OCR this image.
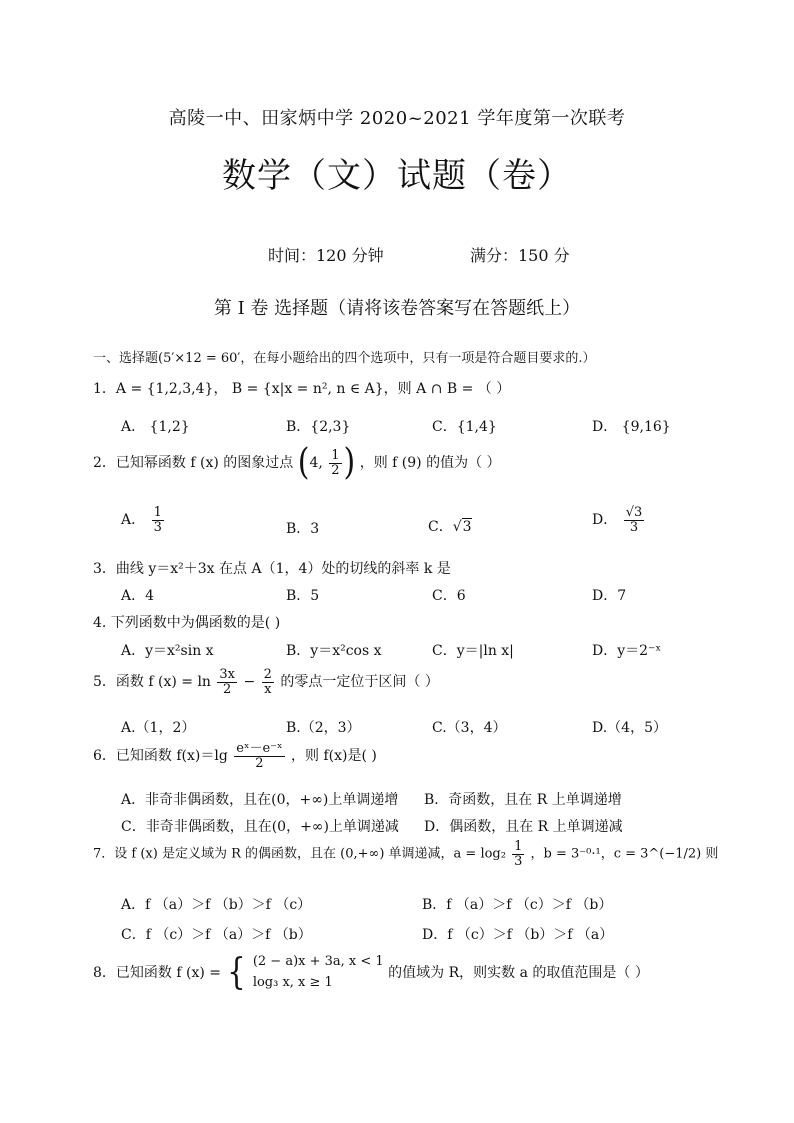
高陵一中、田家炳中学 2020~2021 学年度第一次联考
数学（文）试题（卷）
时间：120 分钟	满分：150 分
第 I 卷 选择题（请将该卷答案写在答题纸上）
一、选择题(5′×12 = 60′，在每小题给出的四个选项中，只有一项是符合题目要求的.）
1．A = {1,2,3,4}， B = {x|x = n², n ∈ A}，则 A ∩ B = （ ）
A． {1,2}	B．{2,3}	C．{1,4}	D． {9,16}
2．已知幂函数 f (x) 的图象过点 (4, $\frac{1}{2}$ ) ，则 f (9) 的值为（ ）
A． $\frac{1}{3}$	B．3	C．√3	D． $\frac{√3}{3}$
3．曲线 y＝x²＋3x 在点 A（1，4）处的切线的斜率 k 是
A．4	B．5	C．6	D．7
4. 下列函数中为偶函数的是( )
A．y＝x²sin x	B．y＝x²cos x	C．y＝|ln x|	D．y＝2⁻ˣ
5．函数 f $(x) = \ln \frac{3x}{2} - \frac{2}{x}$ 的零点一定位于区间（ ）
A.（1，2）	B.（2，3）	C.（3，4）	D.（4，5）
6．已知函数 $f(x)=\lg \frac{\text{eˣ－e⁻ˣ}}{2}$ ，则 f(x)是( )
A．非奇非偶函数，且在(0，+∞)上单调递增 B．奇函数，且在 R 上单调递增
C．非奇非偶函数，且在(0，+∞)上单调递减 D．偶函数，且在 R 上单调递减
7．设 f (x) 是定义域为 R 的偶函数，且在 (0,+∞) 单调递减，$a = \log_2 \frac{1}{3}$ ，b = 3⁻⁰·¹，c = 3^(−1/2) 则
A．f （a）＞f （b）＞f （c）	B．f （a）＞f （c）＞f （b）
C．f （c）＞f （a）＞f （b）	D．f （c）＞f （b）＞f （a）
8．已知函数 f (x) = { (2 − a)x + 3a, x < 1
log₃ x, x ≥ 1
的值域为 R，则实数 a 的取值范围是（ ）
